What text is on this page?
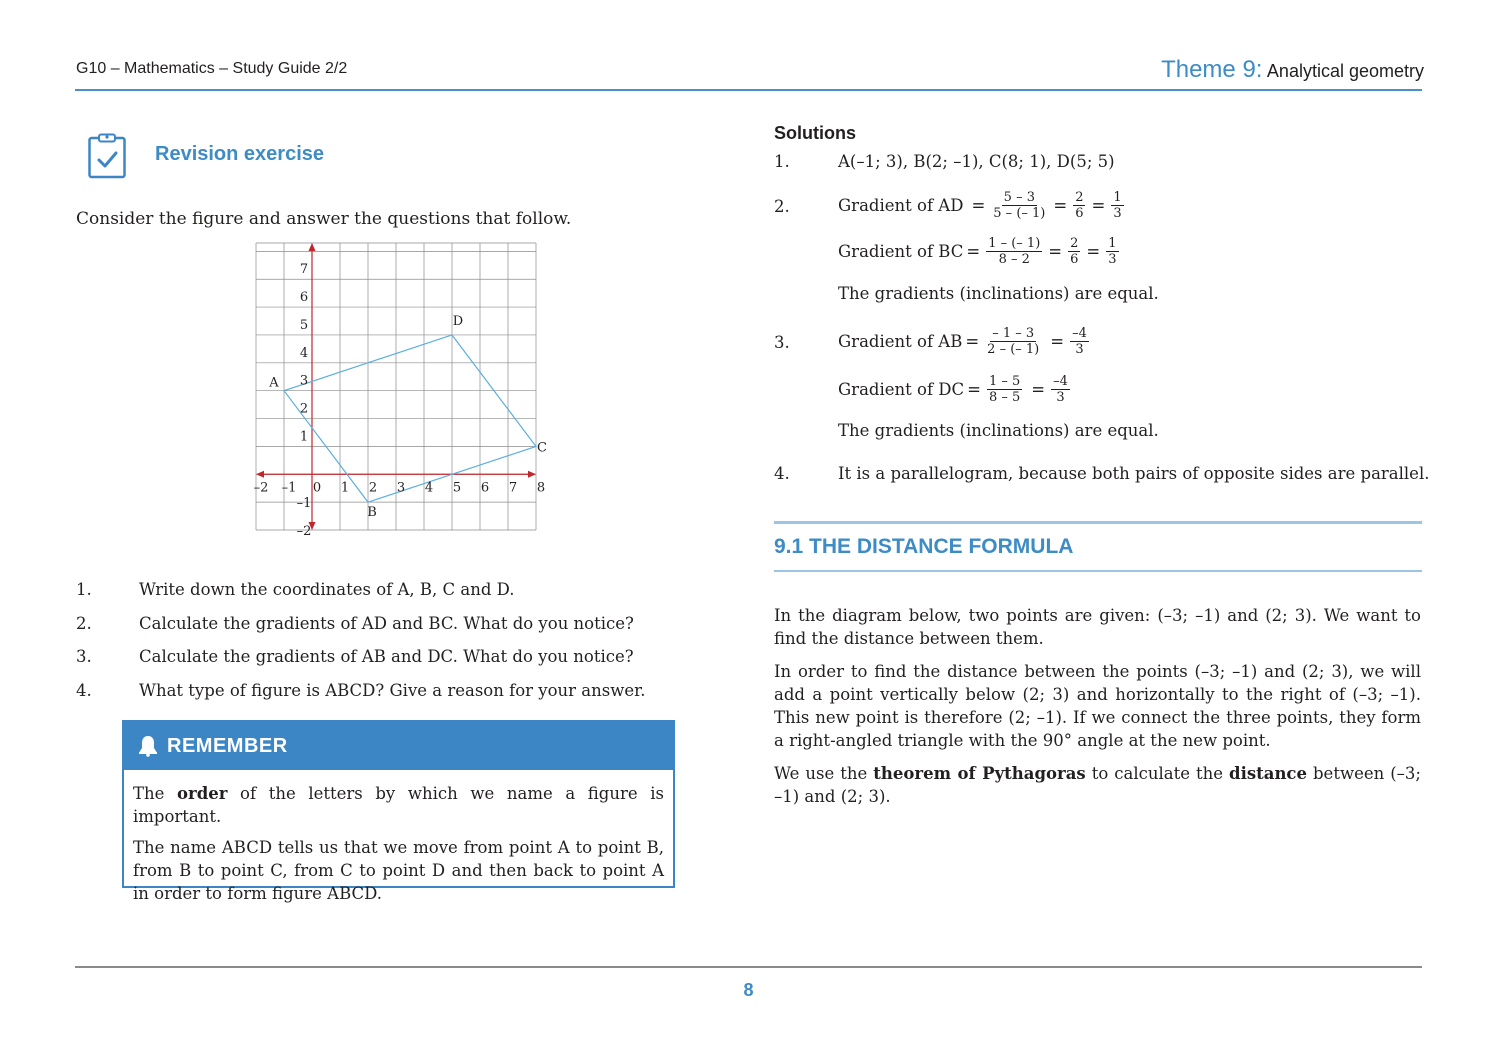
G10 – Mathematics – Study Guide 2/2	Theme 9: Analytical geometry
Revision exercise
Consider the figure and answer the questions that follow.
–2 –1 0 1 2 3 4 5 6 7 8
7
6
5
4
3
2
1
–1
–2
A
B
C
D
1.	Write down the coordinates of A, B, C and D.
2.	Calculate the gradients of AD and BC. What do you notice?
3.	Calculate the gradients of AB and DC. What do you notice?
4.	What type of figure is ABCD? Give a reason for your answer.
REMEMBER

The order of the letters by which we name a figure is important.

The name ABCD tells us that we move from point A to point B, from B to point C, from C to point D and then back to point A in order to form figure ABCD.

Solutions
1.	A(–1; 3), B(2; –1), C(8; 1), D(5; 5)
2.	Gradient of AD = $\frac{5 - 3}{5 - (- 1)} = \frac{2}{6} = \frac{1}{3}$
Gradient of BC = $\frac{1 - (- 1)}{8 - 2} = \frac{2}{6} = \frac{1}{3}$
The gradients (inclinations) are equal.
3.	Gradient of AB = $\frac{- 1 - 3}{2 - (- 1)} = \frac{-4}{3}$
Gradient of DC = $\frac{1 - 5}{8 - 5} = \frac{-4}{3}$
The gradients (inclinations) are equal.
4.	It is a parallelogram, because both pairs of opposite sides are parallel.
9.1 THE DISTANCE FORMULA

In the diagram below, two points are given: (–3; –1) and (2; 3). We want to find the distance between them.

In order to find the distance between the points (–3; –1) and (2; 3), we will add a point vertically below (2; 3) and horizontally to the right of (–3; –1). This new point is therefore (2; –1). If we connect the three points, they form a right-angled triangle with the 90° angle at the new point.

We use the theorem of Pythagoras to calculate the distance between (–3; –1) and (2; 3).

8
